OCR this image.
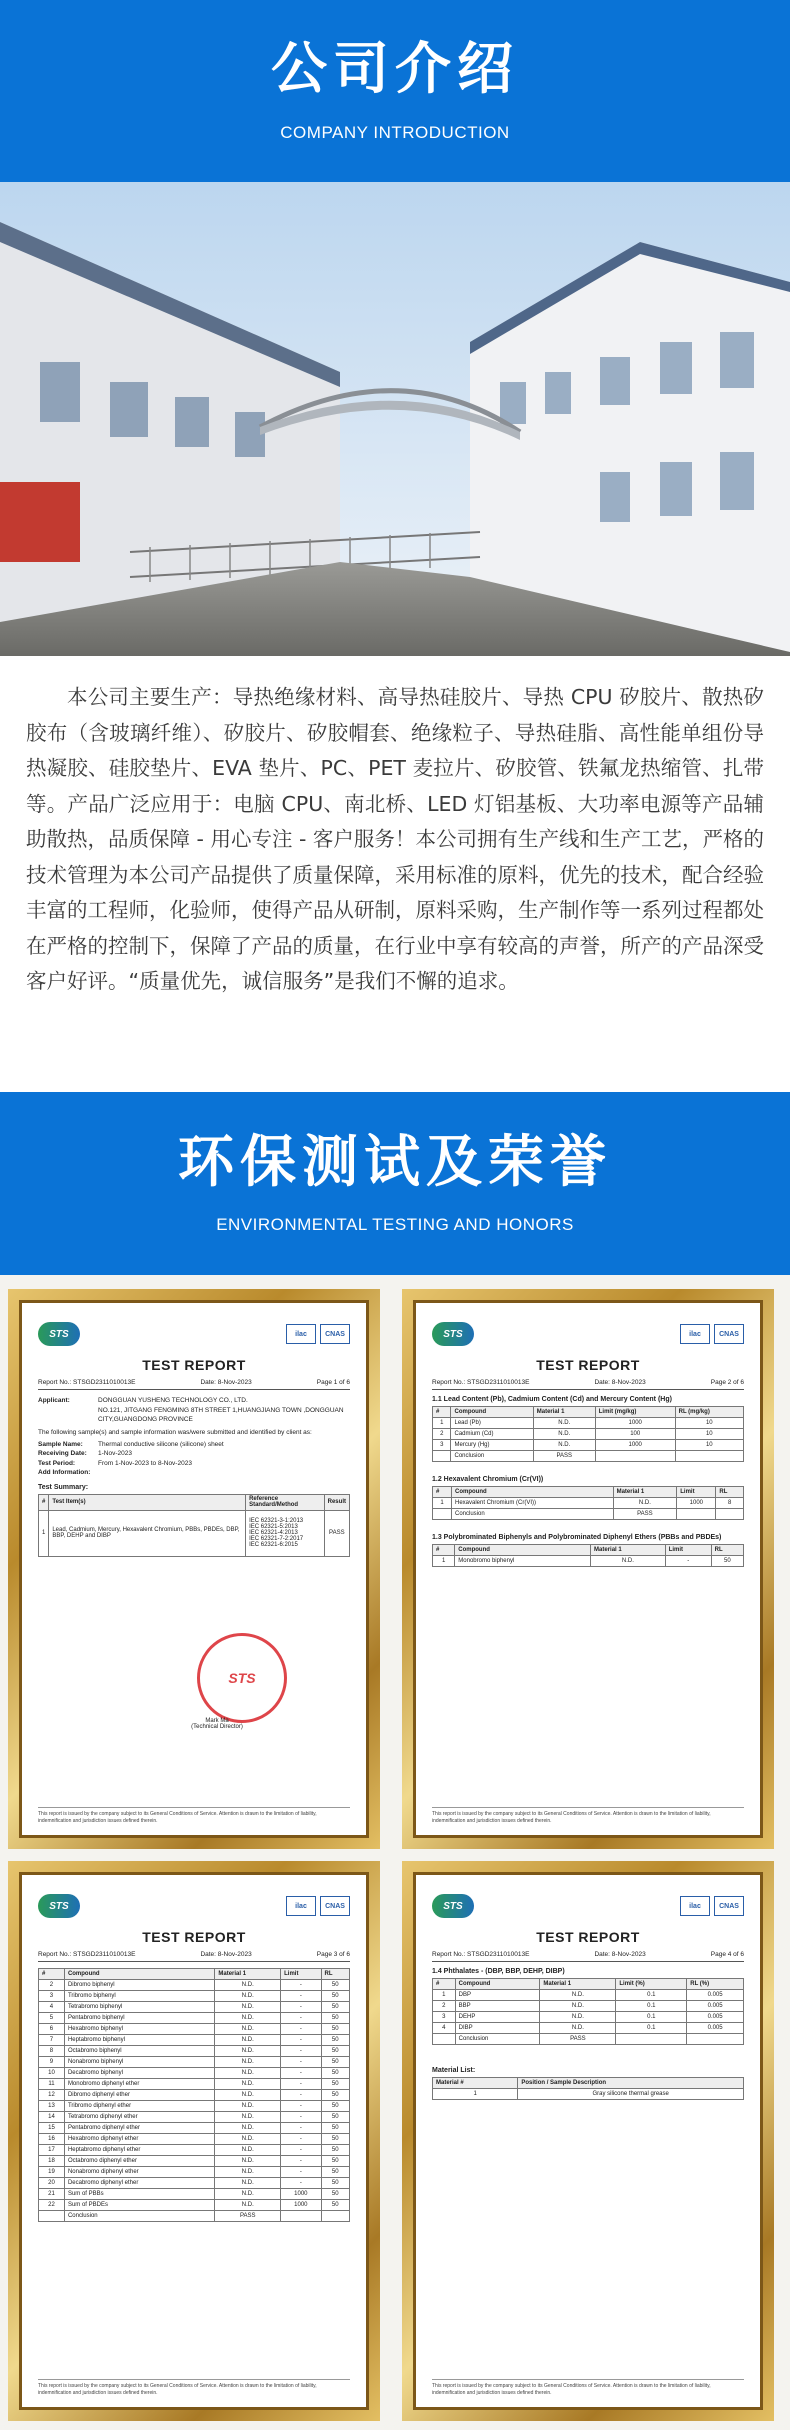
公司介绍
COMPANY INTRODUCTION
本公司主要生产：导热绝缘材料、高导热硅胶片、导热 CPU 矽胶片、散热矽胶布（含玻璃纤维）、矽胶片、矽胶帽套、绝缘粒子、导热硅脂、高性能单组份导热凝胶、硅胶垫片、EVA 垫片、PC、PET 麦拉片、矽胶管、铁氟龙热缩管、扎带等。产品广泛应用于：电脑 CPU、南北桥、LED 灯铝基板、大功率电源等产品辅助散热，品质保障 - 用心专注 - 客户服务！本公司拥有生产线和生产工艺，严格的技术管理为本公司产品提供了质量保障，采用标准的原料，优先的技术，配合经验丰富的工程师，化验师，使得产品从研制，原料采购，生产制作等一系列过程都处在严格的控制下，保障了产品的质量，在行业中享有较高的声誉，所产的产品深受客户好评。“质量优先，诚信服务”是我们不懈的追求。
环保测试及荣誉
ENVIRONMENTAL TESTING AND HONORS
STS	ilac	CNAS
TEST REPORT
Report No.: STSGD2311010013E	Date: 8-Nov-2023	Page 1 of 6
Applicant:	DONGGUAN YUSHENG TECHNOLOGY CO., LTD.
NO.121, JITGANG FENGMING 8TH STREET 1,HUANGJIANG TOWN ,DONGGUAN CITY,GUANGDONG PROVINCE
The following sample(s) and sample information was/were submitted and identified by client as:
Sample Name:	Thermal conductive silicone (silicone) sheet
Receiving Date:	1-Nov-2023
Test Period:	From 1-Nov-2023 to 8-Nov-2023
Add Information:
Test Summary:
#	Test Item(s)	Reference Standard/Method	Result
1	Lead, Cadmium, Mercury, Hexavalent Chromium, PBBs, PBDEs, DBP, BBP, DEHP and DIBP	IEC 62321-3-1:2013
IEC 62321-5:2013
IEC 62321-4:2013
IEC 62321-7-2:2017
IEC 62321-6:2015	PASS
STS
Mark Ma
(Technical Director)
This report is issued by the company subject to its General Conditions of Service. Attention is drawn to the limitation of liability, indemnification and jurisdiction issues defined therein.
STS	ilac	CNAS
TEST REPORT
Report No.: STSGD2311010013E	Date: 8-Nov-2023	Page 2 of 6
1.1 Lead Content (Pb), Cadmium Content (Cd) and Mercury Content (Hg)
#	Compound	Material 1	Limit (mg/kg)	RL (mg/kg)
1	Lead (Pb)	N.D.	1000	10
2	Cadmium (Cd)	N.D.	100	10
3	Mercury (Hg)	N.D.	1000	10
	Conclusion	PASS		
1.2 Hexavalent Chromium (Cr(VI))
#	Compound	Material 1	Limit	RL
1	Hexavalent Chromium (Cr(VI))	N.D.	1000	8
	Conclusion	PASS		
1.3 Polybrominated Biphenyls and Polybrominated Diphenyl Ethers (PBBs and PBDEs)
#	Compound	Material 1	Limit	RL
1	Monobromo biphenyl	N.D.	-	50
This report is issued by the company subject to its General Conditions of Service. Attention is drawn to the limitation of liability, indemnification and jurisdiction issues defined therein.
STS	ilac	CNAS
TEST REPORT
Report No.: STSGD2311010013E	Date: 8-Nov-2023	Page 3 of 6
#	Compound	Material 1	Limit	RL
2	Dibromo biphenyl	N.D.	-	50
3	Tribromo biphenyl	N.D.	-	50
4	Tetrabromo biphenyl	N.D.	-	50
5	Pentabromo biphenyl	N.D.	-	50
6	Hexabromo biphenyl	N.D.	-	50
7	Heptabromo biphenyl	N.D.	-	50
8	Octabromo biphenyl	N.D.	-	50
9	Nonabromo biphenyl	N.D.	-	50
10	Decabromo biphenyl	N.D.	-	50
11	Monobromo diphenyl ether	N.D.	-	50
12	Dibromo diphenyl ether	N.D.	-	50
13	Tribromo diphenyl ether	N.D.	-	50
14	Tetrabromo diphenyl ether	N.D.	-	50
15	Pentabromo diphenyl ether	N.D.	-	50
16	Hexabromo diphenyl ether	N.D.	-	50
17	Heptabromo diphenyl ether	N.D.	-	50
18	Octabromo diphenyl ether	N.D.	-	50
19	Nonabromo diphenyl ether	N.D.	-	50
20	Decabromo diphenyl ether	N.D.	-	50
21	Sum of PBBs	N.D.	1000	50
22	Sum of PBDEs	N.D.	1000	50
	Conclusion	PASS		
This report is issued by the company subject to its General Conditions of Service. Attention is drawn to the limitation of liability, indemnification and jurisdiction issues defined therein.
STS	ilac	CNAS
TEST REPORT
Report No.: STSGD2311010013E	Date: 8-Nov-2023	Page 4 of 6
1.4 Phthalates - (DBP, BBP, DEHP, DIBP)
#	Compound	Material 1	Limit (%)	RL (%)
1	DBP	N.D.	0.1	0.005
2	BBP	N.D.	0.1	0.005
3	DEHP	N.D.	0.1	0.005
4	DIBP	N.D.	0.1	0.005
	Conclusion	PASS		
Material List:
Material #	Position / Sample Description
1	Gray silicone thermal grease
This report is issued by the company subject to its General Conditions of Service. Attention is drawn to the limitation of liability, indemnification and jurisdiction issues defined therein.
